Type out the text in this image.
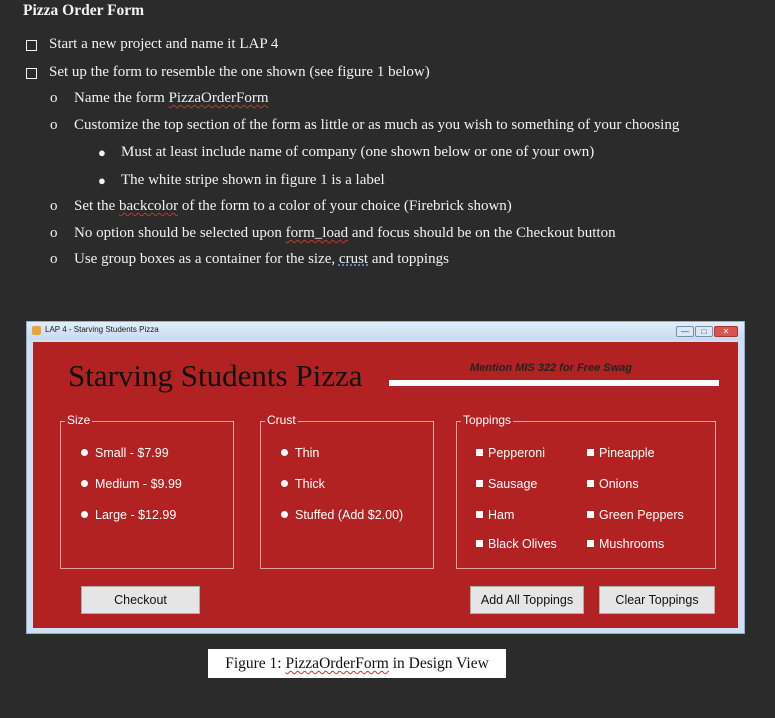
Pizza Order Form
Start a new project and name it LAP 4
Set up the form to resemble the one shown (see figure 1 below)
o Name the form PizzaOrderForm
o Customize the top section of the form as little or as much as you wish to something of your choosing
● Must at least include name of company (one shown below or one of your own)
● The white stripe shown in figure 1 is a label
o Set the backcolor of the form to a color of your choice (Firebrick shown)
o No option should be selected upon form_load and focus should be on the Checkout button
o Use group boxes as a container for the size, crust and toppings
LAP 4 - Starving Students Pizza	—	□	✕
Starving Students Pizza	Mention MIS 322 for Free Swag
Size
Small - $7.99
Medium - $9.99
Large - $12.99
Crust
Thin
Thick
Stuffed (Add $2.00)
Toppings
Pepperoni
Sausage
Ham
Black Olives
Pineapple
Onions
Green Peppers
Mushrooms
Checkout	Add All Toppings	Clear Toppings
Figure 1: PizzaOrderForm in Design View
